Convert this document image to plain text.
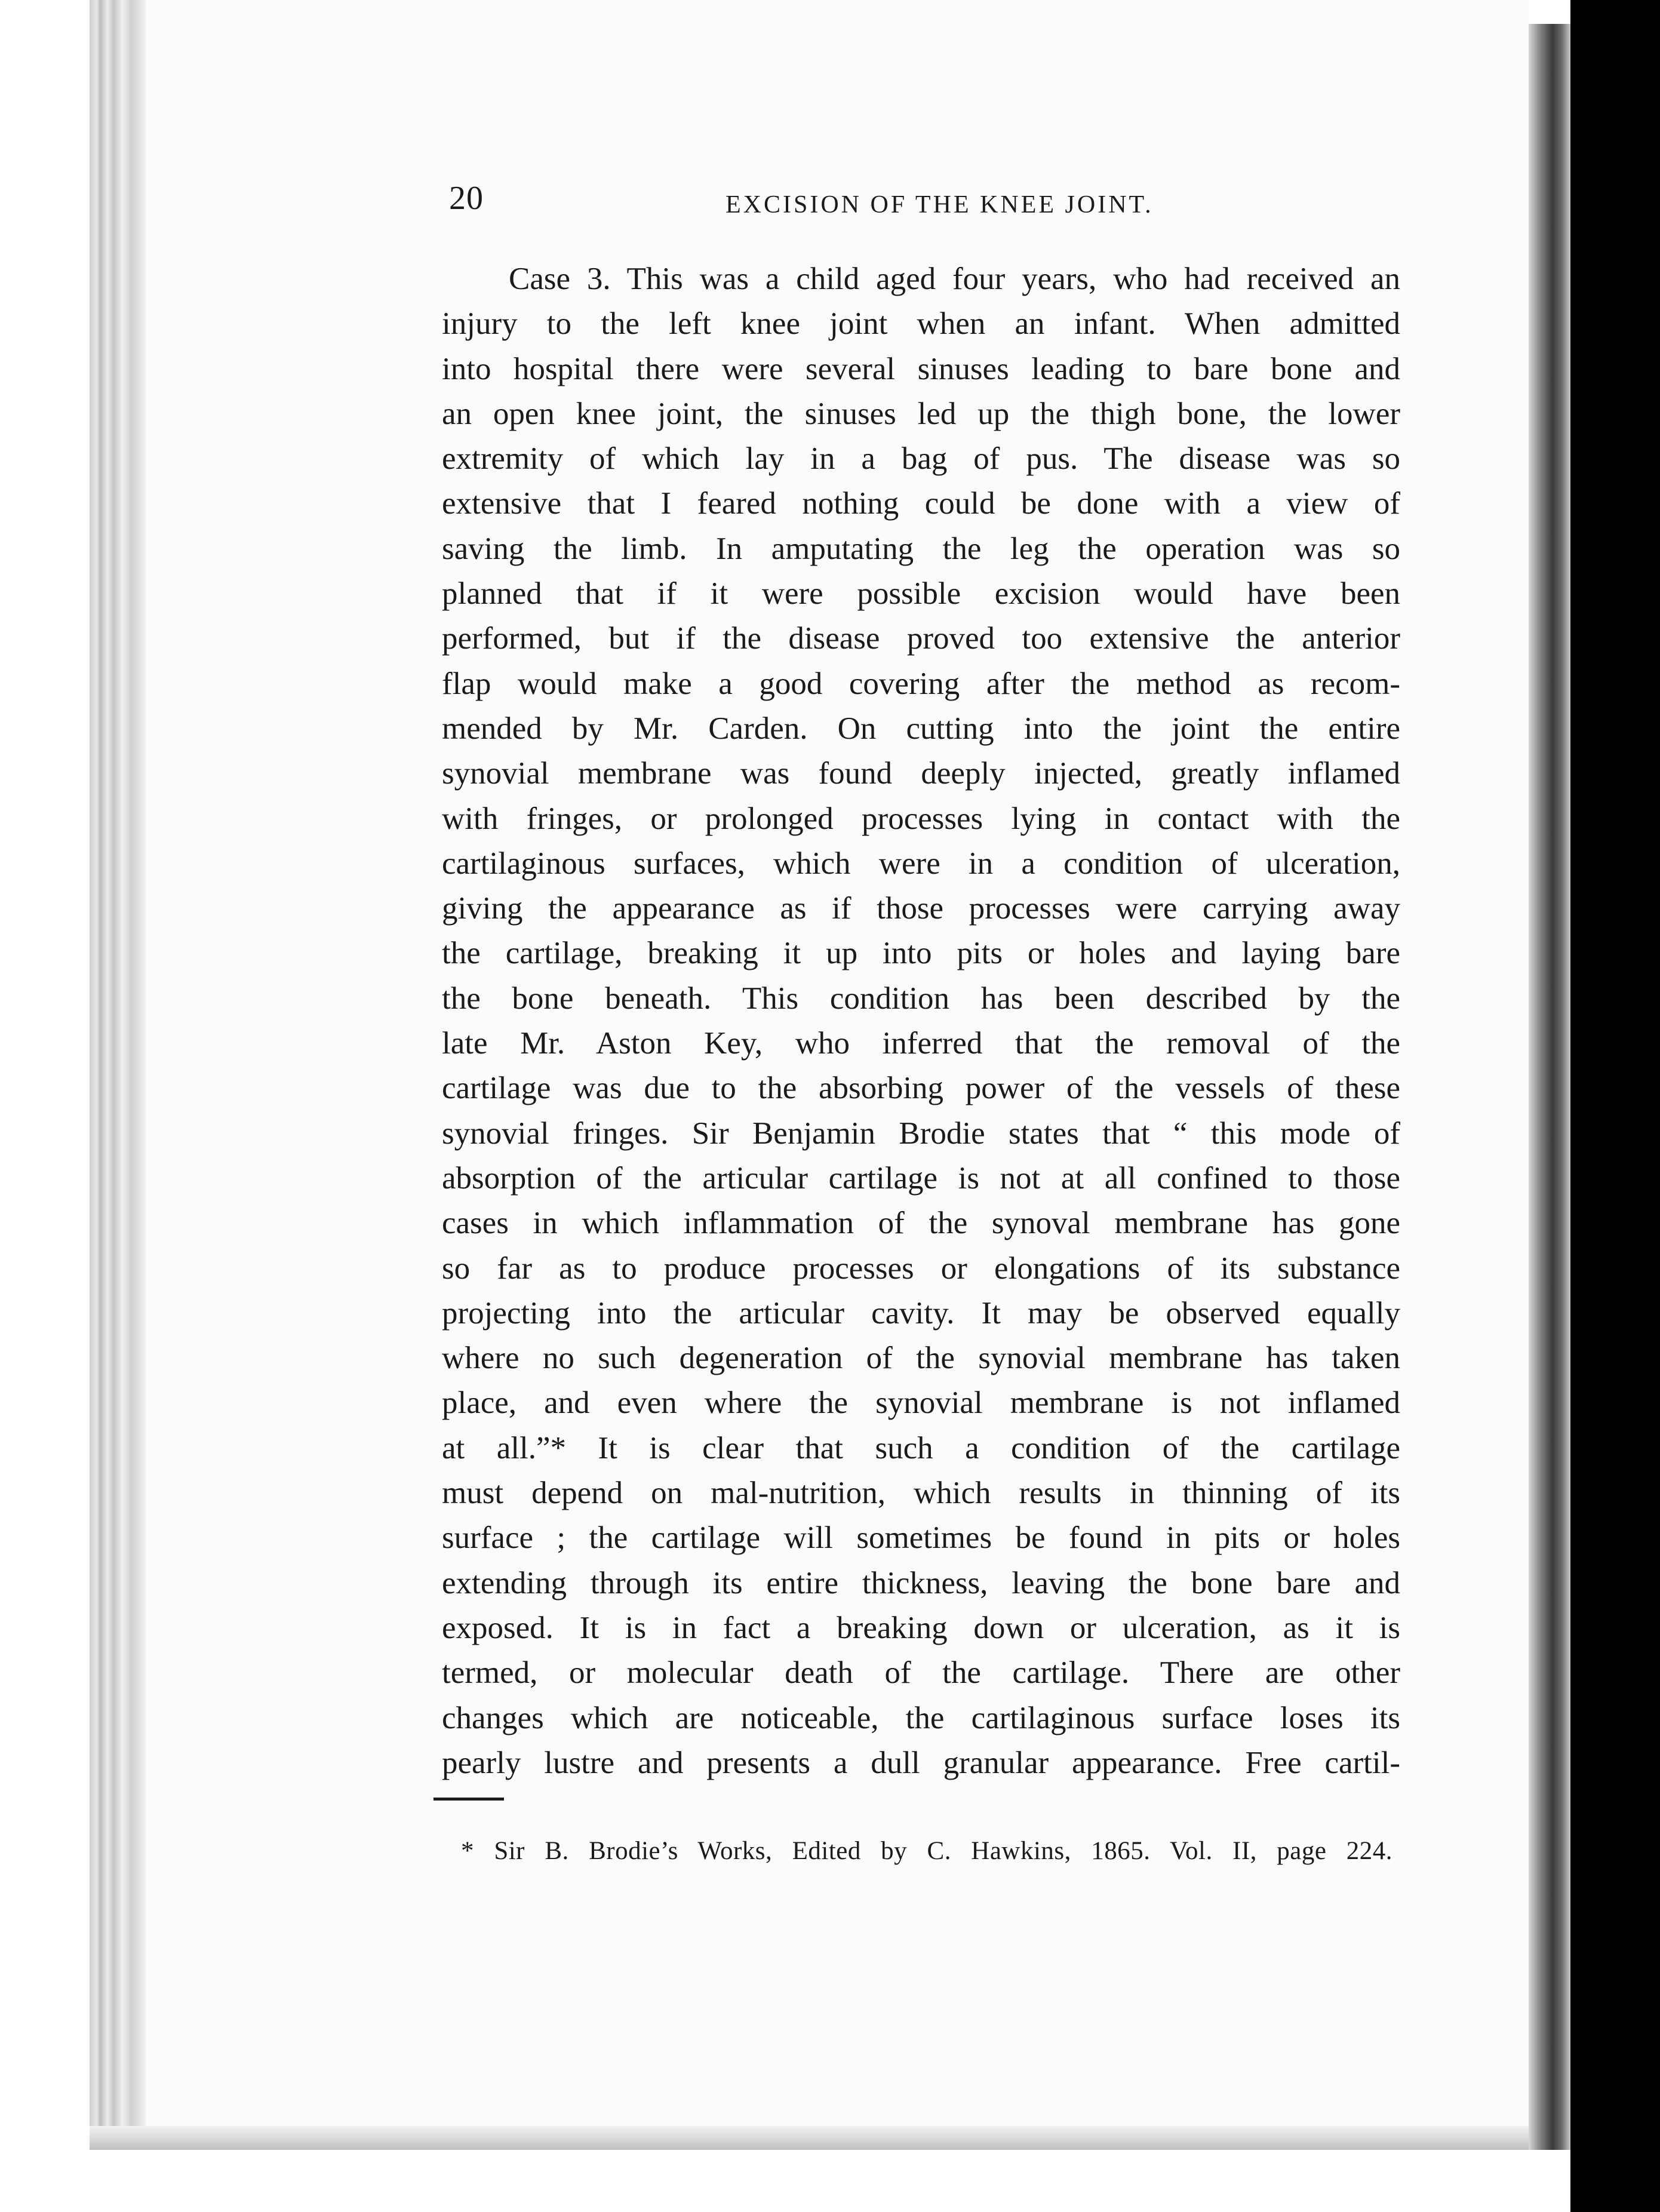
20	EXCISION OF THE KNEE JOINT.
Case 3. This was a child aged four years, who had received an
injury to the left knee joint when an infant. When admitted
into hospital there were several sinuses leading to bare bone and
an open knee joint, the sinuses led up the thigh bone, the lower
extremity of which lay in a bag of pus. The disease was so
extensive that I feared nothing could be done with a view of
saving the limb. In amputating the leg the operation was so
planned that if it were possible excision would have been
performed, but if the disease proved too extensive the anterior
flap would make a good covering after the method as recom-
mended by Mr. Carden. On cutting into the joint the entire
synovial membrane was found deeply injected, greatly inflamed
with fringes, or prolonged processes lying in contact with the
cartilaginous surfaces, which were in a condition of ulceration,
giving the appearance as if those processes were carrying away
the cartilage, breaking it up into pits or holes and laying bare
the bone beneath. This condition has been described by the
late Mr. Aston Key, who inferred that the removal of the
cartilage was due to the absorbing power of the vessels of these
synovial fringes. Sir Benjamin Brodie states that “ this mode of
absorption of the articular cartilage is not at all confined to those
cases in which inflammation of the synoval membrane has gone
so far as to produce processes or elongations of its substance
projecting into the articular cavity. It may be observed equally
where no such degeneration of the synovial membrane has taken
place, and even where the synovial membrane is not inflamed
at all.”* It is clear that such a condition of the cartilage
must depend on mal-nutrition, which results in thinning of its
surface ; the cartilage will sometimes be found in pits or holes
extending through its entire thickness, leaving the bone bare and
exposed. It is in fact a breaking down or ulceration, as it is
termed, or molecular death of the cartilage. There are other
changes which are noticeable, the cartilaginous surface loses its
pearly lustre and presents a dull granular appearance. Free cartil-
* Sir B. Brodie’s Works, Edited by C. Hawkins, 1865. Vol. II, page 224.
